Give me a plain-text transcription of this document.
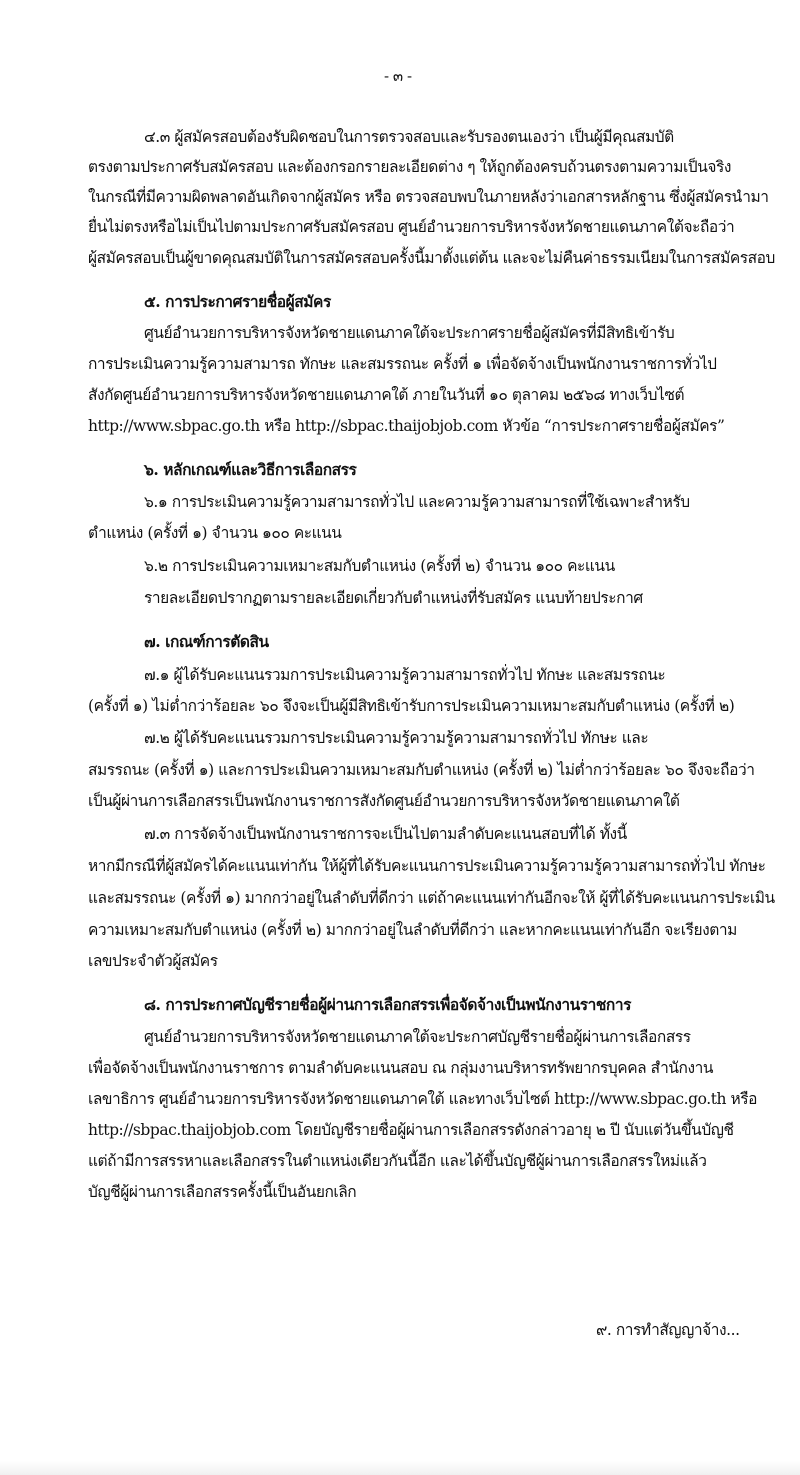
- ๓ -
๔.๓ ผู้สมัครสอบต้องรับผิดชอบในการตรวจสอบและรับรองตนเองว่า เป็นผู้มีคุณสมบัติ
ตรงตามประกาศรับสมัครสอบ และต้องกรอกรายละเอียดต่าง ๆ ให้ถูกต้องครบถ้วนตรงตามความเป็นจริง
ในกรณีที่มีความผิดพลาดอันเกิดจากผู้สมัคร หรือ ตรวจสอบพบในภายหลังว่าเอกสารหลักฐาน ซึ่งผู้สมัครนำมา
ยื่นไม่ตรงหรือไม่เป็นไปตามประกาศรับสมัครสอบ ศูนย์อำนวยการบริหารจังหวัดชายแดนภาคใต้จะถือว่า
ผู้สมัครสอบเป็นผู้ขาดคุณสมบัติในการสมัครสอบครั้งนี้มาตั้งแต่ต้น และจะไม่คืนค่าธรรมเนียมในการสมัครสอบ
๕. การประกาศรายชื่อผู้สมัคร
ศูนย์อำนวยการบริหารจังหวัดชายแดนภาคใต้จะประกาศรายชื่อผู้สมัครที่มีสิทธิเข้ารับ
การประเมินความรู้ความสามารถ ทักษะ และสมรรถนะ ครั้งที่ ๑ เพื่อจัดจ้างเป็นพนักงานราชการทั่วไป
สังกัดศูนย์อำนวยการบริหารจังหวัดชายแดนภาคใต้ ภายในวันที่ ๑๐ ตุลาคม ๒๕๖๘ ทางเว็บไซต์
http://www.sbpac.go.th หรือ http://sbpac.thaijobjob.com หัวข้อ “การประกาศรายชื่อผู้สมัคร”
๖. หลักเกณฑ์และวิธีการเลือกสรร
๖.๑ การประเมินความรู้ความสามารถทั่วไป และความรู้ความสามารถที่ใช้เฉพาะสำหรับ
ตำแหน่ง (ครั้งที่ ๑) จำนวน ๑๐๐ คะแนน
๖.๒ การประเมินความเหมาะสมกับตำแหน่ง (ครั้งที่ ๒) จำนวน ๑๐๐ คะแนน
รายละเอียดปรากฏตามรายละเอียดเกี่ยวกับตำแหน่งที่รับสมัคร แนบท้ายประกาศ
๗. เกณฑ์การตัดสิน
๗.๑ ผู้ได้รับคะแนนรวมการประเมินความรู้ความสามารถทั่วไป ทักษะ และสมรรถนะ
(ครั้งที่ ๑) ไม่ต่ำกว่าร้อยละ ๖๐ จึงจะเป็นผู้มีสิทธิเข้ารับการประเมินความเหมาะสมกับตำแหน่ง (ครั้งที่ ๒)
๗.๒ ผู้ได้รับคะแนนรวมการประเมินความรู้ความรู้ความสามารถทั่วไป ทักษะ และ
สมรรถนะ (ครั้งที่ ๑) และการประเมินความเหมาะสมกับตำแหน่ง (ครั้งที่ ๒) ไม่ต่ำกว่าร้อยละ ๖๐ จึงจะถือว่า
เป็นผู้ผ่านการเลือกสรรเป็นพนักงานราชการสังกัดศูนย์อำนวยการบริหารจังหวัดชายแดนภาคใต้
๗.๓ การจัดจ้างเป็นพนักงานราชการจะเป็นไปตามลำดับคะแนนสอบที่ได้ ทั้งนี้
หากมีกรณีที่ผู้สมัครได้คะแนนเท่ากัน ให้ผู้ที่ได้รับคะแนนการประเมินความรู้ความรู้ความสามารถทั่วไป ทักษะ
และสมรรถนะ (ครั้งที่ ๑) มากกว่าอยู่ในลำดับที่ดีกว่า แต่ถ้าคะแนนเท่ากันอีกจะให้ ผู้ที่ได้รับคะแนนการประเมิน
ความเหมาะสมกับตำแหน่ง (ครั้งที่ ๒) มากกว่าอยู่ในลำดับที่ดีกว่า และหากคะแนนเท่ากันอีก จะเรียงตาม
เลขประจำตัวผู้สมัคร
๘. การประกาศบัญชีรายชื่อผู้ผ่านการเลือกสรรเพื่อจัดจ้างเป็นพนักงานราชการ
ศูนย์อำนวยการบริหารจังหวัดชายแดนภาคใต้จะประกาศบัญชีรายชื่อผู้ผ่านการเลือกสรร
เพื่อจัดจ้างเป็นพนักงานราชการ ตามลำดับคะแนนสอบ ณ กลุ่มงานบริหารทรัพยากรบุคคล สำนักงาน
เลขาธิการ ศูนย์อำนวยการบริหารจังหวัดชายแดนภาคใต้ และทางเว็บไซต์ http://www.sbpac.go.th หรือ
http://sbpac.thaijobjob.com โดยบัญชีรายชื่อผู้ผ่านการเลือกสรรดังกล่าวอายุ ๒ ปี นับแต่วันขึ้นบัญชี
แต่ถ้ามีการสรรหาและเลือกสรรในตำแหน่งเดียวกันนี้อีก และได้ขึ้นบัญชีผู้ผ่านการเลือกสรรใหม่แล้ว
บัญชีผู้ผ่านการเลือกสรรครั้งนี้เป็นอันยกเลิก
๙. การทำสัญญาจ้าง...
